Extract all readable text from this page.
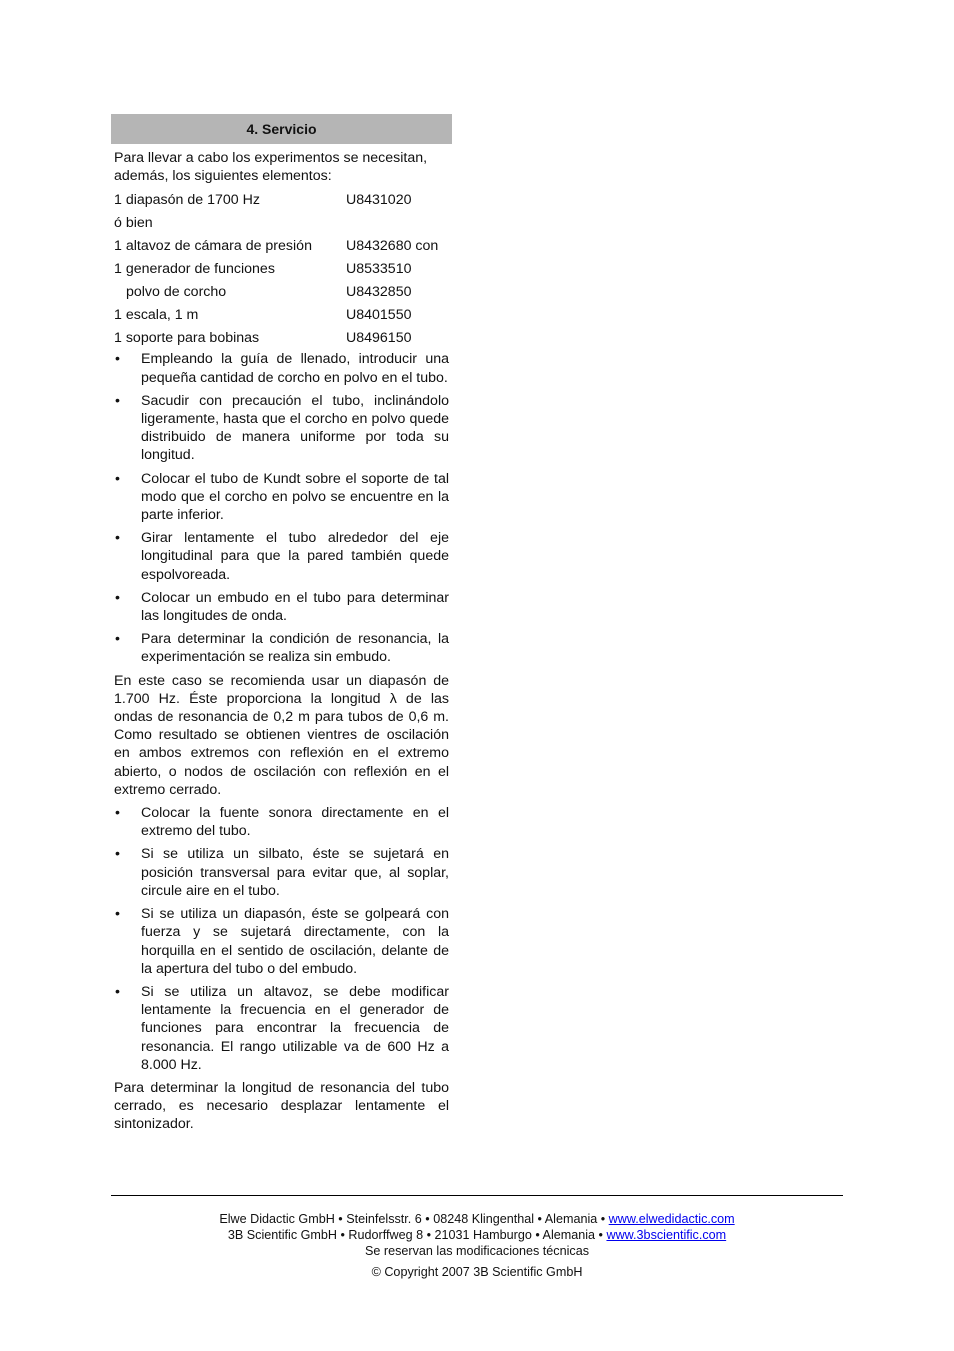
4. Servicio
Para llevar a cabo los experimentos se necesitan, además, los siguientes elementos:
1 diapasón de 1700 Hz	U8431020
ó bien
1 altavoz de cámara de presión	U8432680 con
1 generador de funciones	U8533510
polvo de corcho	U8432850
1 escala, 1 m	U8401550
1 soporte para bobinas	U8496150
• Empleando la guía de llenado, introducir una pequeña cantidad de corcho en polvo en el tubo.
• Sacudir con precaución el tubo, inclinándolo ligeramente, hasta que el corcho en polvo quede distribuido de manera uniforme por toda su longitud.
• Colocar el tubo de Kundt sobre el soporte de tal modo que el corcho en polvo se encuentre en la parte inferior.
• Girar lentamente el tubo alrededor del eje longitudinal para que la pared también quede espolvoreada.
• Colocar un embudo en el tubo para determinar las longitudes de onda.
• Para determinar la condición de resonancia, la experimentación se realiza sin embudo.

En este caso se recomienda usar un diapasón de 1.700 Hz. Éste proporciona la longitud λ de las ondas de resonancia de 0,2 m para tubos de 0,6 m. Como resultado se obtienen vientres de oscilación en ambos extremos con reflexión en el extremo abierto, o nodos de oscilación con reflexión en el extremo cerrado.

• Colocar la fuente sonora directamente en el extremo del tubo.
• Si se utiliza un silbato, éste se sujetará en posición transversal para evitar que, al soplar, circule aire en el tubo.
• Si se utiliza un diapasón, éste se golpeará con fuerza y se sujetará directamente, con la horquilla en el sentido de oscilación, delante de la apertura del tubo o del embudo.
• Si se utiliza un altavoz, se debe modificar lentamente la frecuencia en el generador de funciones para encontrar la frecuencia de resonancia. El rango utilizable va de 600 Hz a 8.000 Hz.

Para determinar la longitud de resonancia del tubo cerrado, es necesario desplazar lentamente el sintonizador.

Elwe Didactic GmbH • Steinfelsstr. 6 • 08248 Klingenthal • Alemania • www.elwedidactic.com
3B Scientific GmbH • Rudorffweg 8 • 21031 Hamburgo • Alemania • www.3bscientific.com
Se reservan las modificaciones técnicas
© Copyright 2007 3B Scientific GmbH
